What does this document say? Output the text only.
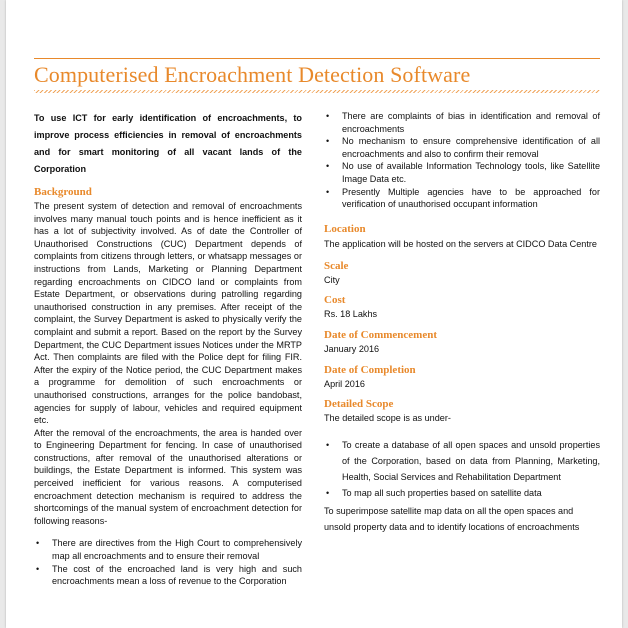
Computerised Encroachment Detection Software

To use ICT for early identification of encroachments, to improve process efficiencies in removal of encroachments and for smart monitoring of all vacant lands of the Corporation

Background

The present system of detection and removal of encroachments involves many manual touch points and is hence inefficient as it has a lot of subjectivity involved. As of date the Controller of Unauthorised Constructions (CUC) Department depends of complaints from citizens through letters, or whatsapp messages or instructions from Lands, Marketing or Planning Department regarding encroachments on CIDCO land or complaints from Estate Department, or observations during patrolling regarding unauthorised construction in any premises. After receipt of the complaint, the Survey Department is asked to physically verify the complaint and submit a report. Based on the report by the Survey Department, the CUC Department issues Notices under the MRTP Act. Then complaints are filed with the Police dept for filing FIR. After the expiry of the Notice period, the CUC Department makes a programme for demolition of such encroachments or unauthorised constructions, arranges for the police bandobast, agencies for supply of labour, vehicles and required equipment etc.

After the removal of the encroachments, the area is handed over to Engineering Department for fencing. In case of unauthorised constructions, after removal of the unauthorised alterations or buildings, the Estate Department is informed. This system was perceived inefficient for various reasons. A computerised encroachment detection mechanism is required to address the shortcomings of the manual system of encroachment detection for following reasons-

• There are directives from the High Court to comprehensively map all encroachments and to ensure their removal
• The cost of the encroached land is very high and such encroachments mean a loss of revenue to the Corporation
• There are complaints of bias in identification and removal of encroachments
• No mechanism to ensure comprehensive identification of all encroachments and also to confirm their removal
• No use of available Information Technology tools, like Satellite Image Data etc.
• Presently Multiple agencies have to be approached for verification of unauthorised occupant information
Location

The application will be hosted on the servers at CIDCO Data Centre

Scale

City

Cost

Rs. 18 Lakhs

Date of Commencement

January 2016

Date of Completion

April 2016

Detailed Scope

The detailed scope is as under-

• To create a database of all open spaces and unsold properties of the Corporation, based on data from Planning, Marketing, Health, Social Services and Rehabilitation Department
• To map all such properties based on satellite data

To superimpose satellite map data on all the open spaces and unsold property data and to identify locations of encroachments
